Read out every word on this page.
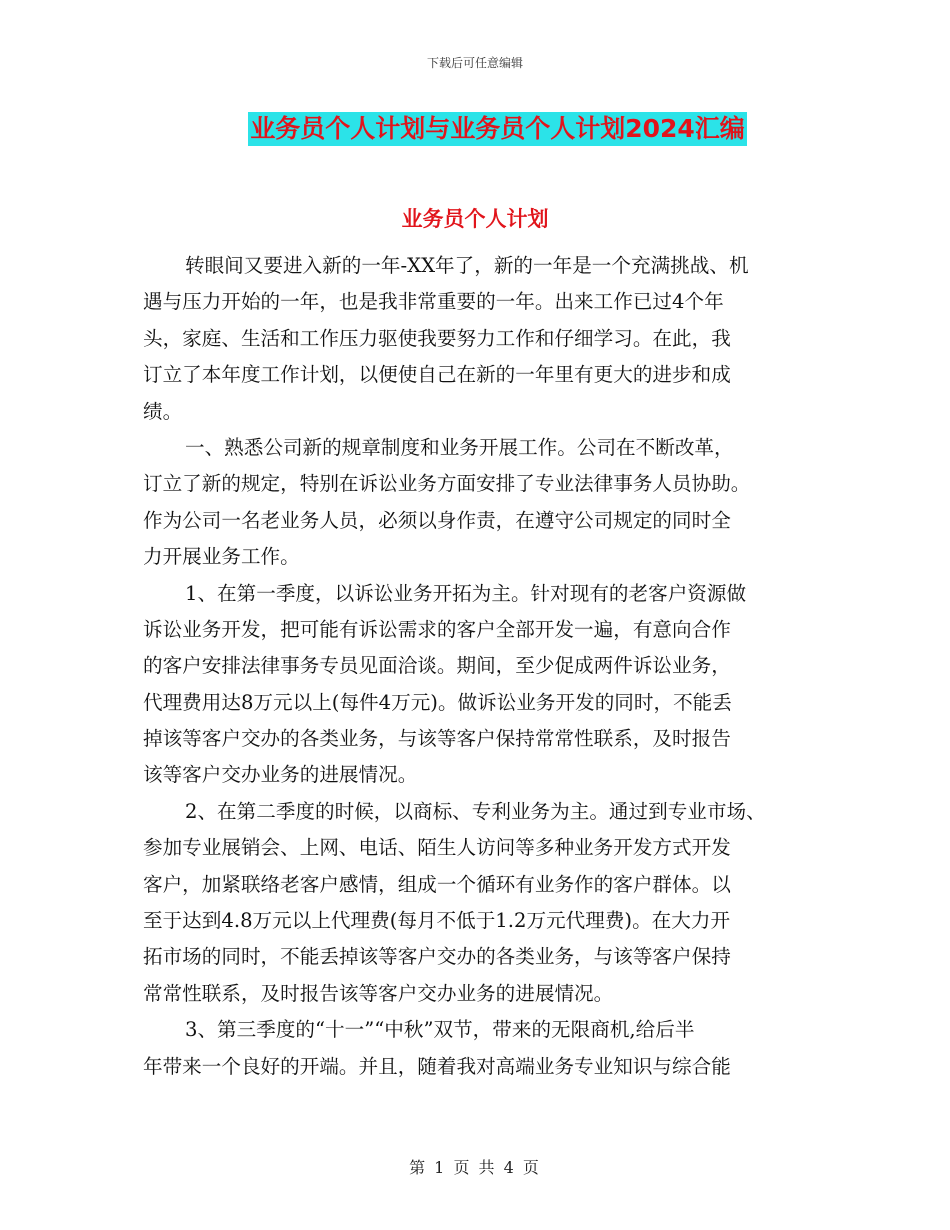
下载后可任意编辑
业务员个人计划与业务员个人计划2024汇编
业务员个人计划
转眼间又要进入新的一年-XX年了，新的一年是一个充满挑战、机
遇与压力开始的一年，也是我非常重要的一年。出来工作已过4个年
头，家庭、生活和工作压力驱使我要努力工作和仔细学习。在此，我
订立了本年度工作计划，以便使自己在新的一年里有更大的进步和成
绩。
一、熟悉公司新的规章制度和业务开展工作。公司在不断改革，
订立了新的规定，特别在诉讼业务方面安排了专业法律事务人员协助。
作为公司一名老业务人员，必须以身作责，在遵守公司规定的同时全
力开展业务工作。
1、在第一季度，以诉讼业务开拓为主。针对现有的老客户资源做
诉讼业务开发，把可能有诉讼需求的客户全部开发一遍，有意向合作
的客户安排法律事务专员见面洽谈。期间，至少促成两件诉讼业务，
代理费用达8万元以上(每件4万元)。做诉讼业务开发的同时，不能丢
掉该等客户交办的各类业务，与该等客户保持常常性联系，及时报告
该等客户交办业务的进展情况。
2、在第二季度的时候，以商标、专利业务为主。通过到专业市场、
参加专业展销会、上网、电话、陌生人访问等多种业务开发方式开发
客户，加紧联络老客户感情，组成一个循环有业务作的客户群体。以
至于达到4.8万元以上代理费(每月不低于1.2万元代理费)。在大力开
拓市场的同时，不能丢掉该等客户交办的各类业务，与该等客户保持
常常性联系，及时报告该等客户交办业务的进展情况。
3、第三季度的“十一”“中秋”双节，带来的无限商机,给后半
年带来一个良好的开端。并且，随着我对高端业务专业知识与综合能
第 1 页 共 4 页
